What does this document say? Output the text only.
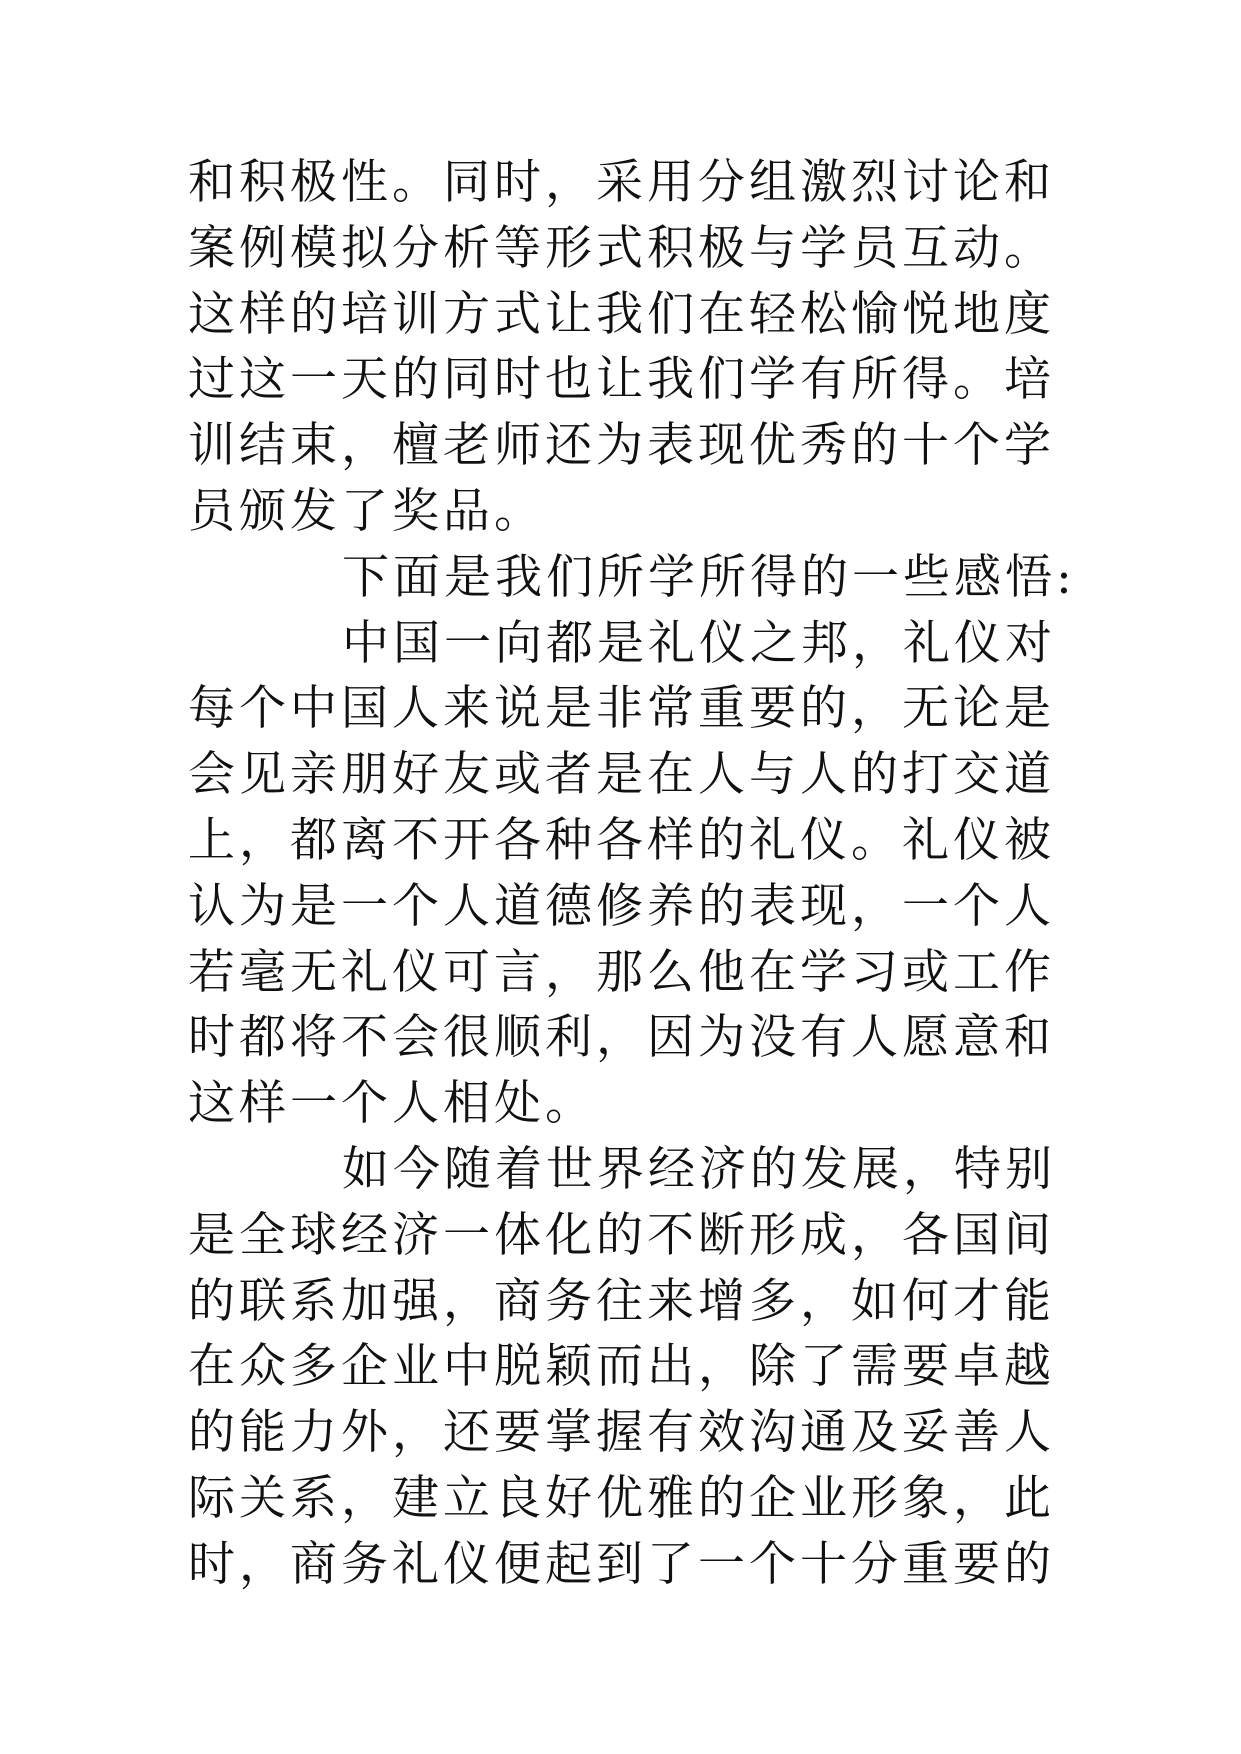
和积极性。同时，采用分组激烈讨论和
案例模拟分析等形式积极与学员互动。
这样的培训方式让我们在轻松愉悦地度
过这一天的同时也让我们学有所得。培
训结束，檀老师还为表现优秀的十个学
员颁发了奖品。
下面是我们所学所得的一些感悟:
中国一向都是礼仪之邦，礼仪对
每个中国人来说是非常重要的，无论是
会见亲朋好友或者是在人与人的打交道
上，都离不开各种各样的礼仪。礼仪被
认为是一个人道德修养的表现，一个人
若毫无礼仪可言，那么他在学习或工作
时都将不会很顺利，因为没有人愿意和
这样一个人相处。
如今随着世界经济的发展，特别
是全球经济一体化的不断形成，各国间
的联系加强，商务往来增多，如何才能
在众多企业中脱颖而出，除了需要卓越
的能力外，还要掌握有效沟通及妥善人
际关系，建立良好优雅的企业形象，此
时，商务礼仪便起到了一个十分重要的
